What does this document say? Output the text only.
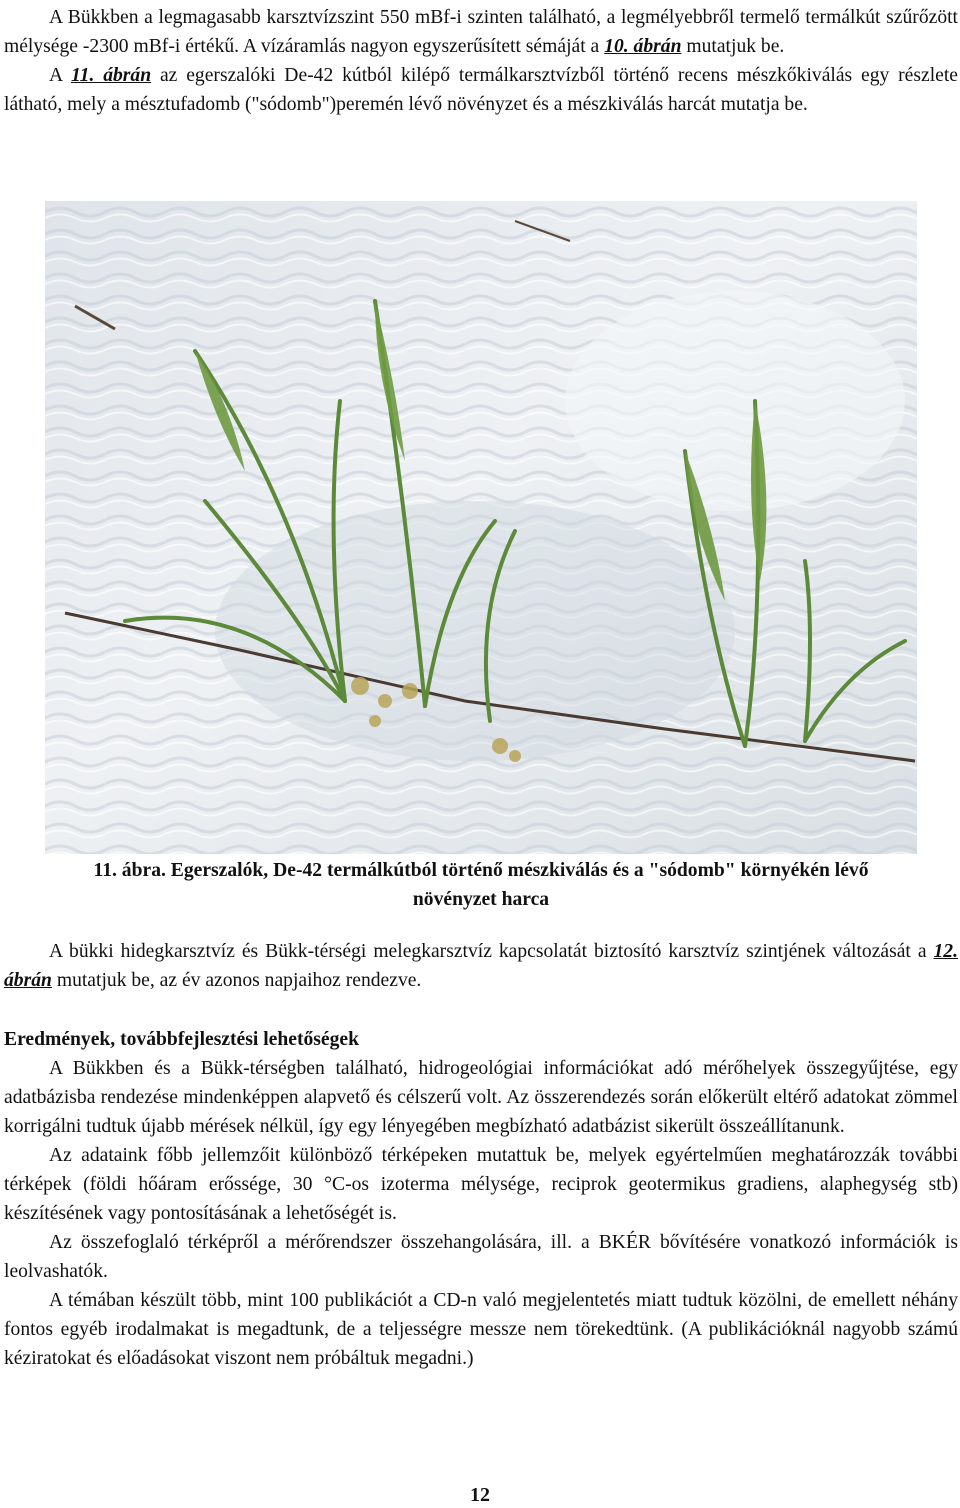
A Bükkben a legmagasabb karsztvízszint 550 mBf-i szinten található, a legmélyebbről termelő termálkút szűrőzött mélysége -2300 mBf-i értékű. A vízáramlás nagyon egyszerűsített sémáját a 10. ábrán mutatjuk be.
A 11. ábrán az egerszalóki De-42 kútból kilépő termálkarsztvízből történő recens mészkőkiválás egy részlete látható, mely a mésztufadomb ("sódomb")peremén lévő növényzet és a mészkiválás harcát mutatja be.
11. ábra. Egerszalók, De-42 termálkútból történő mészkiválás és a "sódomb" környékén lévő
növényzet harca
A bükki hidegkarsztvíz és Bükk-térségi melegkarsztvíz kapcsolatát biztosító karsztvíz szintjének változását a 12. ábrán mutatjuk be, az év azonos napjaihoz rendezve.
Eredmények, továbbfejlesztési lehetőségek
A Bükkben és a Bükk-térségben található, hidrogeológiai információkat adó mérőhelyek összegyűjtése, egy adatbázisba rendezése mindenképpen alapvető és célszerű volt. Az összerendezés során előkerült eltérő adatokat zömmel korrigálni tudtuk újabb mérések nélkül, így egy lényegében megbízható adatbázist sikerült összeállítanunk.
Az adataink főbb jellemzőit különböző térképeken mutattuk be, melyek egyértelműen meghatározzák további térképek (földi hőáram erőssége, 30 °C-os izoterma mélysége, reciprok geotermikus gradiens, alaphegység stb) készítésének vagy pontosításának a lehetőségét is.
Az összefoglaló térképről a mérőrendszer összehangolására, ill. a BKÉR bővítésére vonatkozó információk is leolvashatók.
A témában készült több, mint 100 publikációt a CD-n való megjelentetés miatt tudtuk közölni, de emellett néhány fontos egyéb irodalmakat is megadtunk, de a teljességre messze nem törekedtünk. (A publikációknál nagyobb számú kéziratokat és előadásokat viszont nem próbáltuk megadni.)
12
